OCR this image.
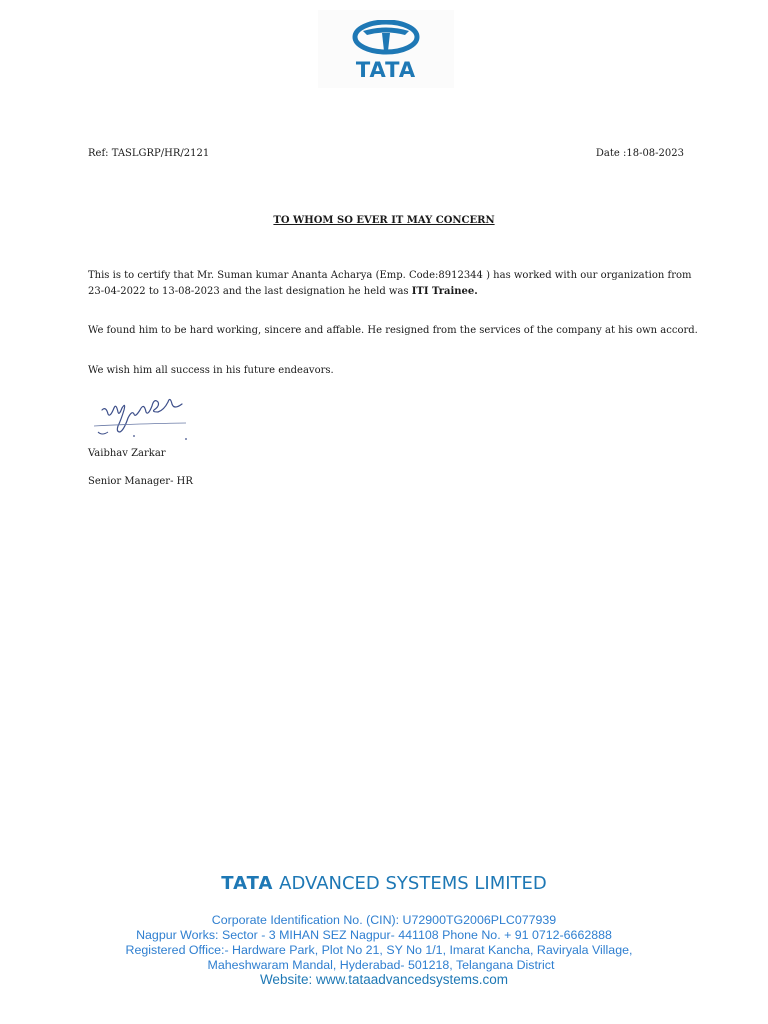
TATA
Ref: TASLGRP/HR/2121	Date :18-08-2023
TO WHOM SO EVER IT MAY CONCERN
This is to certify that Mr. Suman kumar Ananta Acharya (Emp. Code:8912344 ) has worked with our organization from 23-04-2022 to 13-08-2023 and the last designation he held was ITI Trainee.
We found him to be hard working, sincere and affable. He resigned from the services of the company at his own accord.
We wish him all success in his future endeavors.
Vaibhav Zarkar
Senior Manager- HR
TATA ADVANCED SYSTEMS LIMITED
Corporate Identification No. (CIN): U72900TG2006PLC077939
Nagpur Works: Sector - 3 MIHAN SEZ Nagpur- 441108 Phone No. + 91 0712-6662888
Registered Office:- Hardware Park, Plot No 21, SY No 1/1, Imarat Kancha, Raviryala Village,
Maheshwaram Mandal, Hyderabad- 501218, Telangana District
Website: www.tataadvancedsystems.com
